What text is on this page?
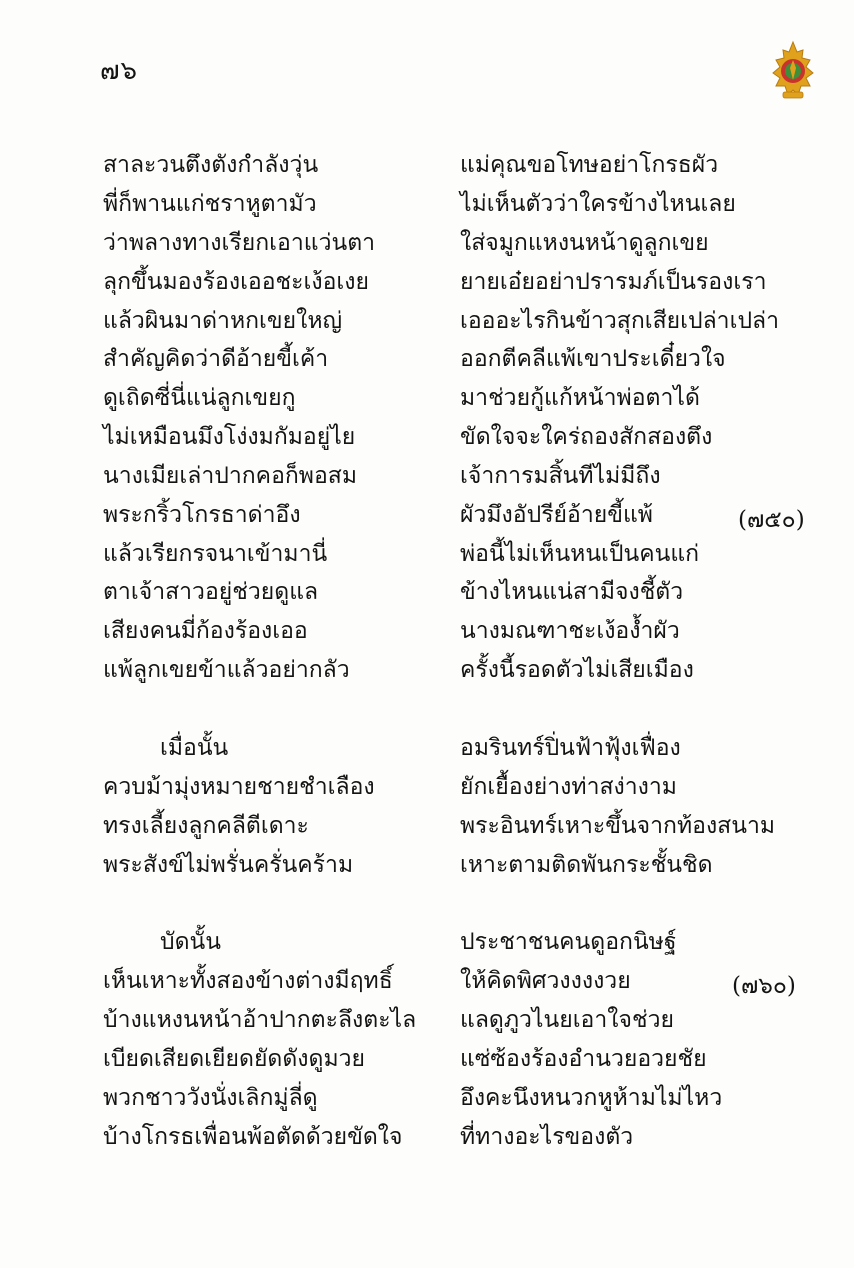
๗๖
สาละวนตึงตังกำลังวุ่น
พี่ก็พานแก่ชราหูตามัว
ว่าพลางทางเรียกเอาแว่นตา
ลุกขึ้นมองร้องเออชะเง้อเงย
แล้วผินมาด่าหกเขยใหญ่
สำคัญคิดว่าดีอ้ายขี้เค้า
ดูเถิดซี่นี่แน่ลูกเขยกู
ไม่เหมือนมึงโง่งมกัมอยู่ไย
นางเมียเล่าปากคอก็พอสม
พระกริ้วโกรธาด่าอึง
แล้วเรียกรจนาเข้ามานี่
ตาเจ้าสาวอยู่ช่วยดูแล
เสียงคนมี่ก้องร้องเออ
แพ้ลูกเขยข้าแล้วอย่ากลัว
เมื่อนั้น
ควบม้ามุ่งหมายชายชำเลือง
ทรงเลี้ยงลูกคลีตีเดาะ
พระสังข์ไม่พรั่นครั่นคร้าม
บัดนั้น
เห็นเหาะทั้งสองข้างต่างมีฤทธิ์
บ้างแหงนหน้าอ้าปากตะลึงตะไล
เบียดเสียดเยียดยัดดังดูมวย
พวกชาววังนั่งเลิกมู่ลี่ดู
บ้างโกรธเพื่อนพ้อตัดด้วยขัดใจ
แม่คุณขอโทษอย่าโกรธผัว
ไม่เห็นตัวว่าใครข้างไหนเลย
ใส่จมูกแหงนหน้าดูลูกเขย
ยายเอ๋ยอย่าปรารมภ์เป็นรองเรา
เอออะไรกินข้าวสุกเสียเปล่าเปล่า
ออกตีคลีแพ้เขาประเดี๋ยวใจ
มาช่วยกู้แก้หน้าพ่อตาได้
ขัดใจจะใคร่ถองสักสองตึง
เจ้าการมสิ้นทีไม่มีถึง
ผัวมึงอัปรีย์อ้ายขี้แพ้
พ่อนี้ไม่เห็นหนเป็นคนแก่
ข้างไหนแน่สามีจงชี้ตัว
นางมณฑาชะเง้อง้ำผัว
ครั้งนี้รอดตัวไม่เสียเมือง
อมรินทร์ปิ่นฟ้าฟุ้งเฟื่อง
ยักเยื้องย่างท่าสง่างาม
พระอินทร์เหาะขึ้นจากท้องสนาม
เหาะตามติดพันกระชั้นชิด
ประชาชนคนดูอกนิษฐ์
ให้คิดพิศวงงงงวย
แลดูภูวไนยเอาใจช่วย
แซ่ซ้องร้องอำนวยอวยชัย
อึงคะนึงหนวกหูห้ามไม่ไหว
ที่ทางอะไรของตัว
(๗๕๐)
(๗๖๐)
